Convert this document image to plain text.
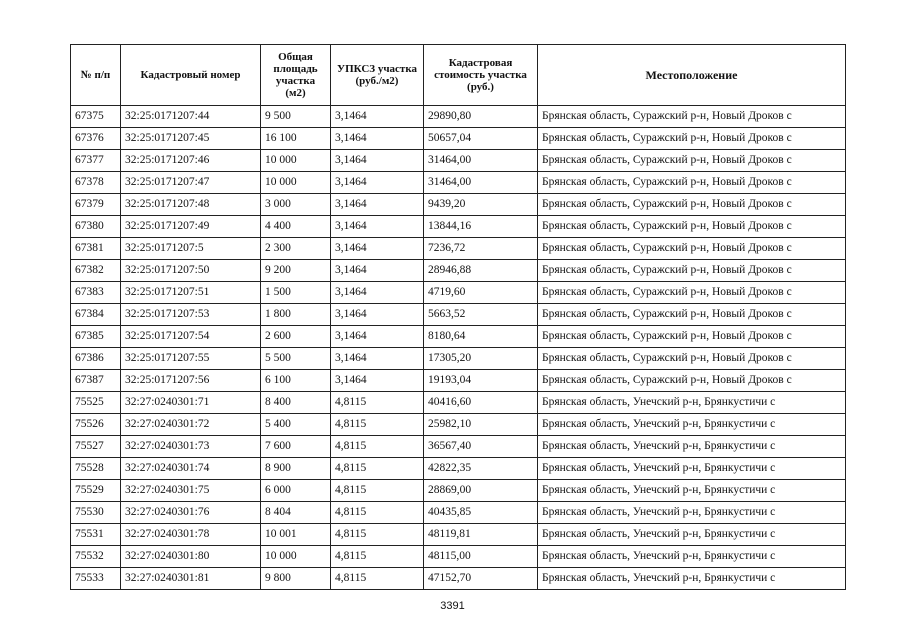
№ п/п	Кадастровый номер	Общая площадь участка (м2)	УПКСЗ участка (руб./м2)	Кадастровая стоимость участка (руб.)	Местоположение
67375	32:25:0171207:44	9 500	3,1464	29890,80	Брянская область, Суражский р-н, Новый Дроков с
67376	32:25:0171207:45	16 100	3,1464	50657,04	Брянская область, Суражский р-н, Новый Дроков с
67377	32:25:0171207:46	10 000	3,1464	31464,00	Брянская область, Суражский р-н, Новый Дроков с
67378	32:25:0171207:47	10 000	3,1464	31464,00	Брянская область, Суражский р-н, Новый Дроков с
67379	32:25:0171207:48	3 000	3,1464	9439,20	Брянская область, Суражский р-н, Новый Дроков с
67380	32:25:0171207:49	4 400	3,1464	13844,16	Брянская область, Суражский р-н, Новый Дроков с
67381	32:25:0171207:5	2 300	3,1464	7236,72	Брянская область, Суражский р-н, Новый Дроков с
67382	32:25:0171207:50	9 200	3,1464	28946,88	Брянская область, Суражский р-н, Новый Дроков с
67383	32:25:0171207:51	1 500	3,1464	4719,60	Брянская область, Суражский р-н, Новый Дроков с
67384	32:25:0171207:53	1 800	3,1464	5663,52	Брянская область, Суражский р-н, Новый Дроков с
67385	32:25:0171207:54	2 600	3,1464	8180,64	Брянская область, Суражский р-н, Новый Дроков с
67386	32:25:0171207:55	5 500	3,1464	17305,20	Брянская область, Суражский р-н, Новый Дроков с
67387	32:25:0171207:56	6 100	3,1464	19193,04	Брянская область, Суражский р-н, Новый Дроков с
75525	32:27:0240301:71	8 400	4,8115	40416,60	Брянская область, Унечский р-н, Брянкустичи с
75526	32:27:0240301:72	5 400	4,8115	25982,10	Брянская область, Унечский р-н, Брянкустичи с
75527	32:27:0240301:73	7 600	4,8115	36567,40	Брянская область, Унечский р-н, Брянкустичи с
75528	32:27:0240301:74	8 900	4,8115	42822,35	Брянская область, Унечский р-н, Брянкустичи с
75529	32:27:0240301:75	6 000	4,8115	28869,00	Брянская область, Унечский р-н, Брянкустичи с
75530	32:27:0240301:76	8 404	4,8115	40435,85	Брянская область, Унечский р-н, Брянкустичи с
75531	32:27:0240301:78	10 001	4,8115	48119,81	Брянская область, Унечский р-н, Брянкустичи с
75532	32:27:0240301:80	10 000	4,8115	48115,00	Брянская область, Унечский р-н, Брянкустичи с
75533	32:27:0240301:81	9 800	4,8115	47152,70	Брянская область, Унечский р-н, Брянкустичи с
3391
